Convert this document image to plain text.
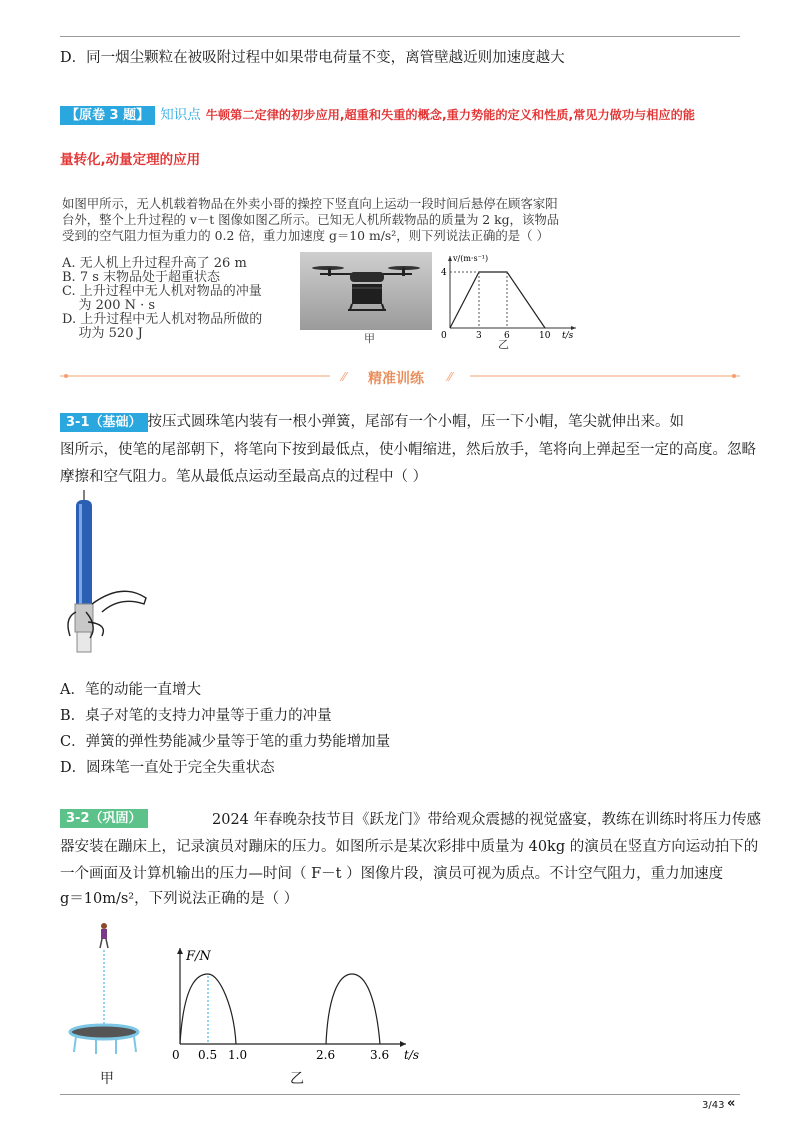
D．同一烟尘颗粒在被吸附过程中如果带电荷量不变，离管壁越近则加速度越大
【原卷 3 题】 知识点 牛顿第二定律的初步应用,超重和失重的概念,重力势能的定义和性质,常见力做功与相应的能
量转化,动量定理的应用
如图甲所示，无人机载着物品在外卖小哥的操控下竖直向上运动一段时间后悬停在顾客家阳
台外，整个上升过程的 v－t 图像如图乙所示。已知无人机所载物品的质量为 2 kg，该物品
受到的空气阻力恒为重力的 0.2 倍，重力加速度 g＝10 m/s²，则下列说法正确的是（ ）
A. 无人机上升过程升高了 26 m
B. 7 s 末物品处于超重状态
C. 上升过程中无人机对物品的冲量
为 200 N · s
D. 上升过程中无人机对物品所做的
功为 520 J	甲
v/(m·s⁻¹)
4
0	3 6	10 t/s
乙
⁄⁄	⁄⁄
精准训练
3-1（基础） 按压式圆珠笔内装有一根小弹簧，尾部有一个小帽，压一下小帽，笔尖就伸出来。如
图所示，使笔的尾部朝下，将笔向下按到最低点，使小帽缩进，然后放手，笔将向上弹起至一定的高度。忽略
摩擦和空气阻力。笔从最低点运动至最高点的过程中（ ）
A．笔的动能一直增大
B．桌子对笔的支持力冲量等于重力的冲量
C．弹簧的弹性势能减少量等于笔的重力势能增加量
D．圆珠笔一直处于完全失重状态
3-2（巩固）	2024 年春晚杂技节目《跃龙门》带给观众震撼的视觉盛宴，教练在训练时将压力传感
器安装在蹦床上，记录演员对蹦床的压力。如图所示是某次彩排中质量为 40kg 的演员在竖直方向运动拍下的
一个画面及计算机输出的压力—时间（ F－t ）图像片段，演员可视为质点。不计空气阻力，重力加速度
g＝10m/s²，下列说法正确的是（ ）
甲
F/N
0 0.5 1.0	2.6	3.6 t/s
乙
3/43 «
